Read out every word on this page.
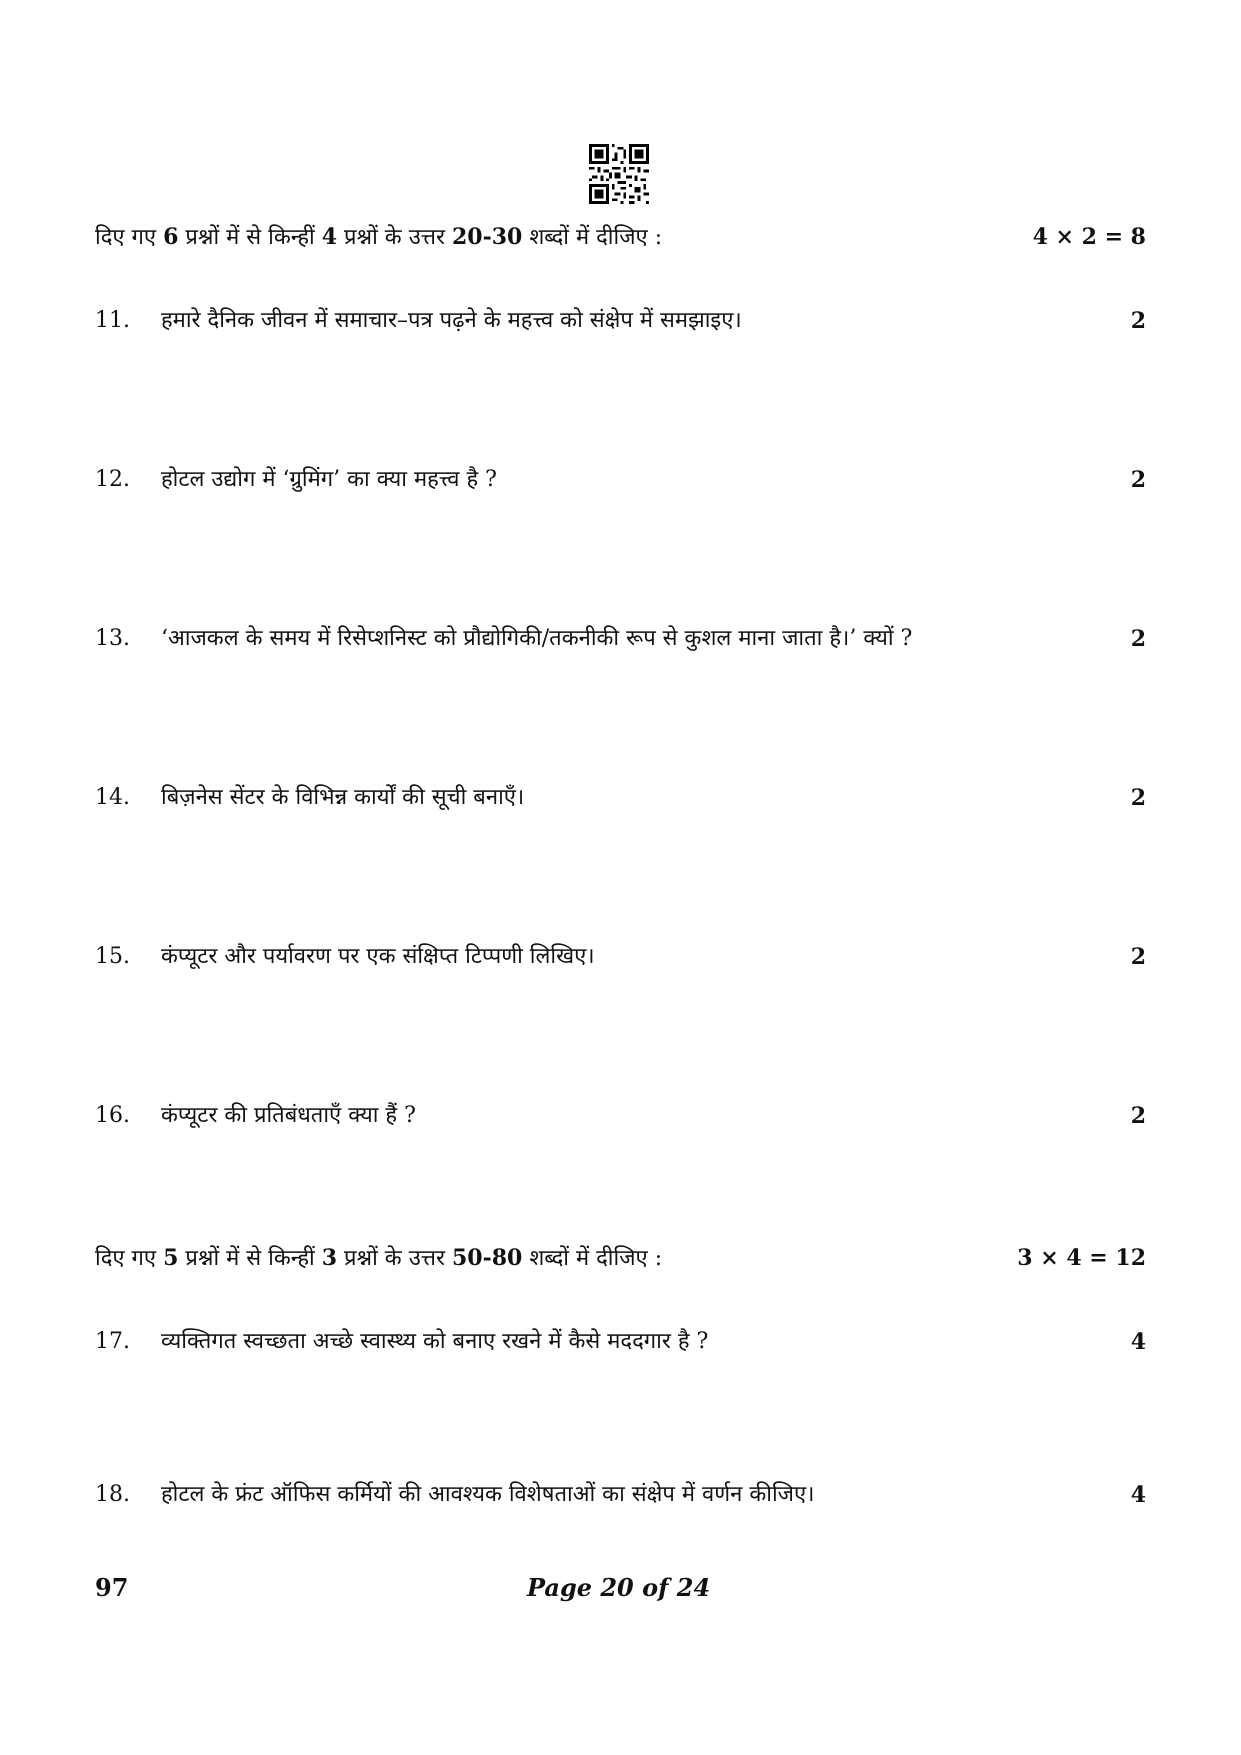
दिए गए 6 प्रश्नों में से किन्हीं 4 प्रश्नों के उत्तर 20-30 शब्दों में दीजिए :	4 × 2 = 8
11. हमारे दैनिक जीवन में समाचार–पत्र पढ़ने के महत्त्व को संक्षेप में समझाइए।	2
12. होटल उद्योग में ‘ग्रुमिंग’ का क्या महत्त्व है ?	2
13. ‘आजकल के समय में रिसेप्शनिस्ट को प्रौद्योगिकी/तकनीकी रूप से कुशल माना जाता है।’ क्यों ?	2
14. बिज़नेस सेंटर के विभिन्न कार्यों की सूची बनाएँ।	2
15. कंप्यूटर और पर्यावरण पर एक संक्षिप्त टिप्पणी लिखिए।	2
16. कंप्यूटर की प्रतिबंधताएँ क्या हैं ?	2
दिए गए 5 प्रश्नों में से किन्हीं 3 प्रश्नों के उत्तर 50-80 शब्दों में दीजिए :	3 × 4 = 12
17. व्यक्तिगत स्वच्छता अच्छे स्वास्थ्य को बनाए रखने में कैसे मददगार है ?	4
18. होटल के फ्रंट ऑफिस कर्मियों की आवश्यक विशेषताओं का संक्षेप में वर्णन कीजिए।	4
97	Page 20 of 24
